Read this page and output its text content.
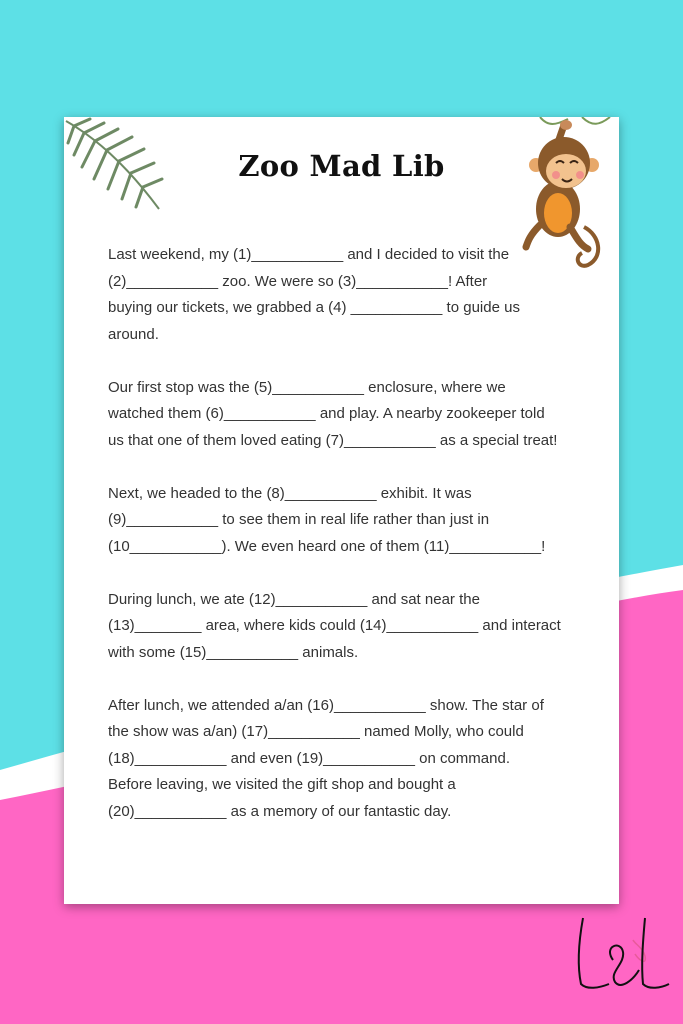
Zoo Mad Lib
Last weekend, my (1)___________ and I decided to visit the
(2)___________ zoo. We were so (3)___________! After
buying our tickets, we grabbed a (4) ___________ to guide us
around.
Our first stop was the (5)___________ enclosure, where we
watched them (6)___________ and play. A nearby zookeeper told
us that one of them loved eating (7)___________ as a special treat!
Next, we headed to the (8)___________ exhibit. It was
(9)___________ to see them in real life rather than just in
(10___________). We even heard one of them (11)___________!
During lunch, we ate (12)___________ and sat near the
(13)________ area, where kids could (14)___________ and interact
with some (15)___________ animals.
After lunch, we attended a/an (16)___________ show. The star of
the show was a/an) (17)___________ named Molly, who could
(18)___________ and even (19)___________ on command.
Before leaving, we visited the gift shop and bought a
(20)___________ as a memory of our fantastic day.
